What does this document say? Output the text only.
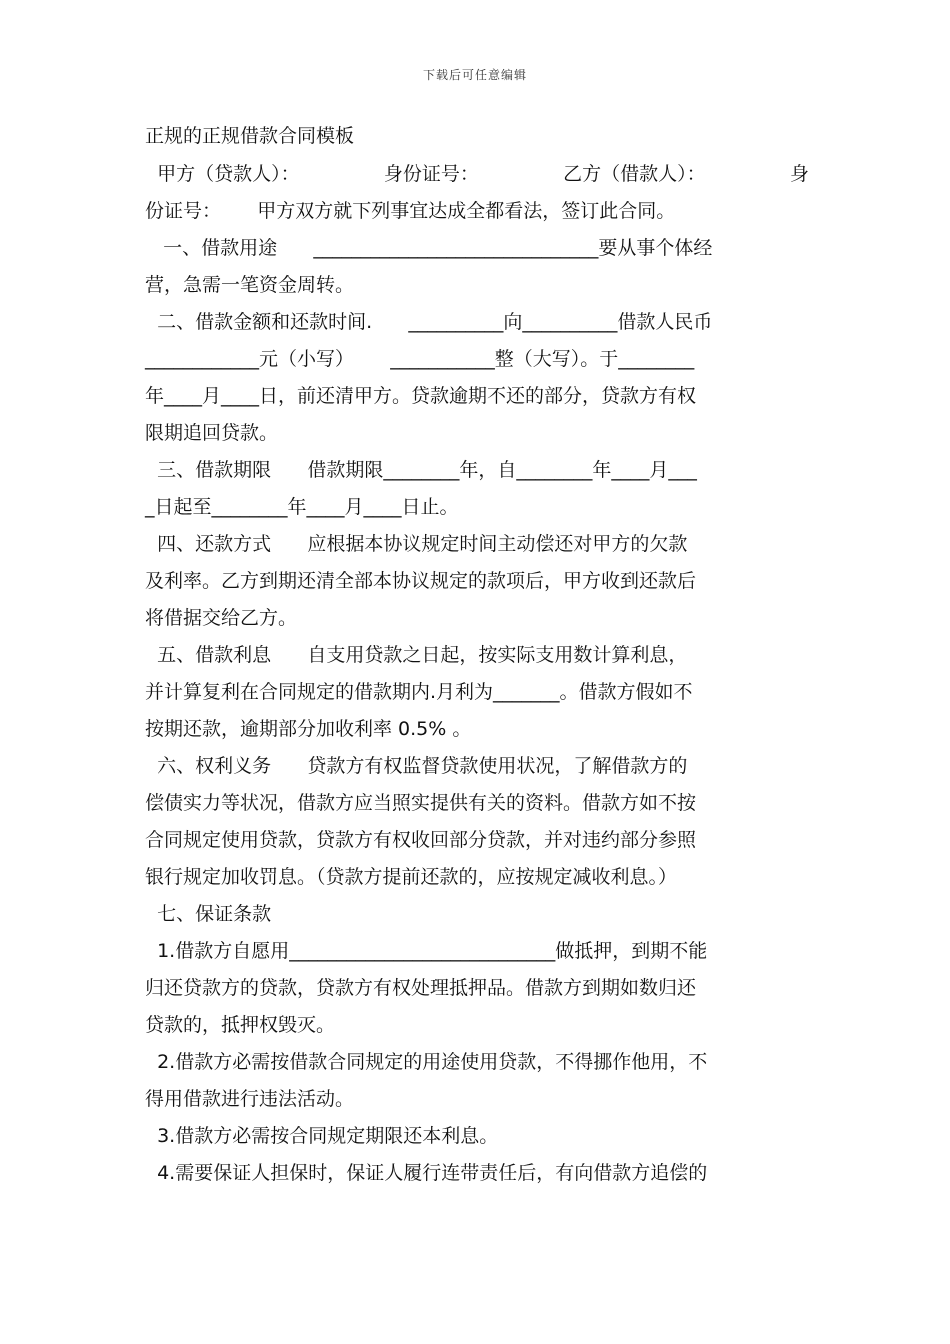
下载后可任意编辑
正规的正规借款合同模板
甲方（贷款人）：	身份证号：	乙方（借款人）：	身
份证号：      甲方双方就下列事宜达成全都看法，签订此合同。
一、借款用途      ______________________________要从事个体经
营，急需一笔资金周转。
二、借款金额和还款时间.      __________向__________借款人民币
____________元（小写）      ___________整（大写）。于________
年____月____日，前还清甲方。贷款逾期不还的部分，贷款方有权
限期追回贷款。
三、借款期限      借款期限________年，自________年____月___
_日起至________年____月____日止。
四、还款方式      应根据本协议规定时间主动偿还对甲方的欠款
及利率。乙方到期还清全部本协议规定的款项后，甲方收到还款后
将借据交给乙方。
五、借款利息      自支用贷款之日起，按实际支用数计算利息，
并计算复利在合同规定的借款期内.月利为_______。借款方假如不
按期还款，逾期部分加收利率 0.5% 。
六、权利义务      贷款方有权监督贷款使用状况，了解借款方的
偿债实力等状况，借款方应当照实提供有关的资料。借款方如不按
合同规定使用贷款，贷款方有权收回部分贷款，并对违约部分参照
银行规定加收罚息。（贷款方提前还款的，应按规定减收利息。）
七、保证条款
1.借款方自愿用____________________________做抵押，到期不能
归还贷款方的贷款，贷款方有权处理抵押品。借款方到期如数归还
贷款的，抵押权毁灭。
2.借款方必需按借款合同规定的用途使用贷款，不得挪作他用，不
得用借款进行违法活动。
3.借款方必需按合同规定期限还本利息。
4.需要保证人担保时，保证人履行连带责任后，有向借款方追偿的
